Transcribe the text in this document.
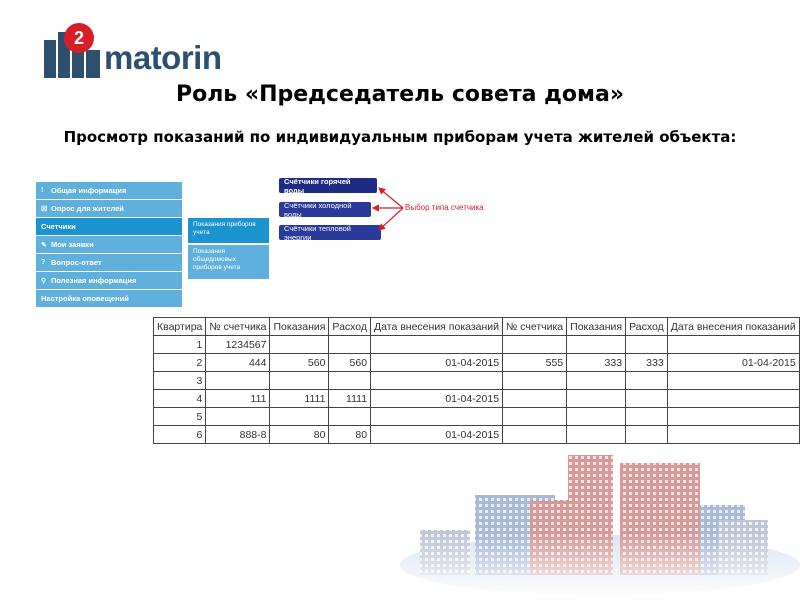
2
matorin
Роль «Председатель совета дома»
Просмотр показаний по индивидуальным приборам учета жителей объекта:
!	Общая информация
☒ Опрос для жителей
Счетчики
✎ Мои заявки
? Вопрос-ответ
⚲ Полезная информация
Настройка оповещений
Показания приборов учета
Показания общедомовых приборов учета
Счётчики горячей воды
Счётчики холодной воды
Счётчики тепловой энергии
Выбор типа счетчика
Квартира	№ счетчика	Показания	Расход	Дата внесения показаний	№ счетчика	Показания	Расход	Дата внесения показаний
1	1234567							
2	444	560	560	01-04-2015	555	333	333	01-04-2015
3								
4	111	1111	1111	01-04-2015				
5								
6	888-8	80	80	01-04-2015				
